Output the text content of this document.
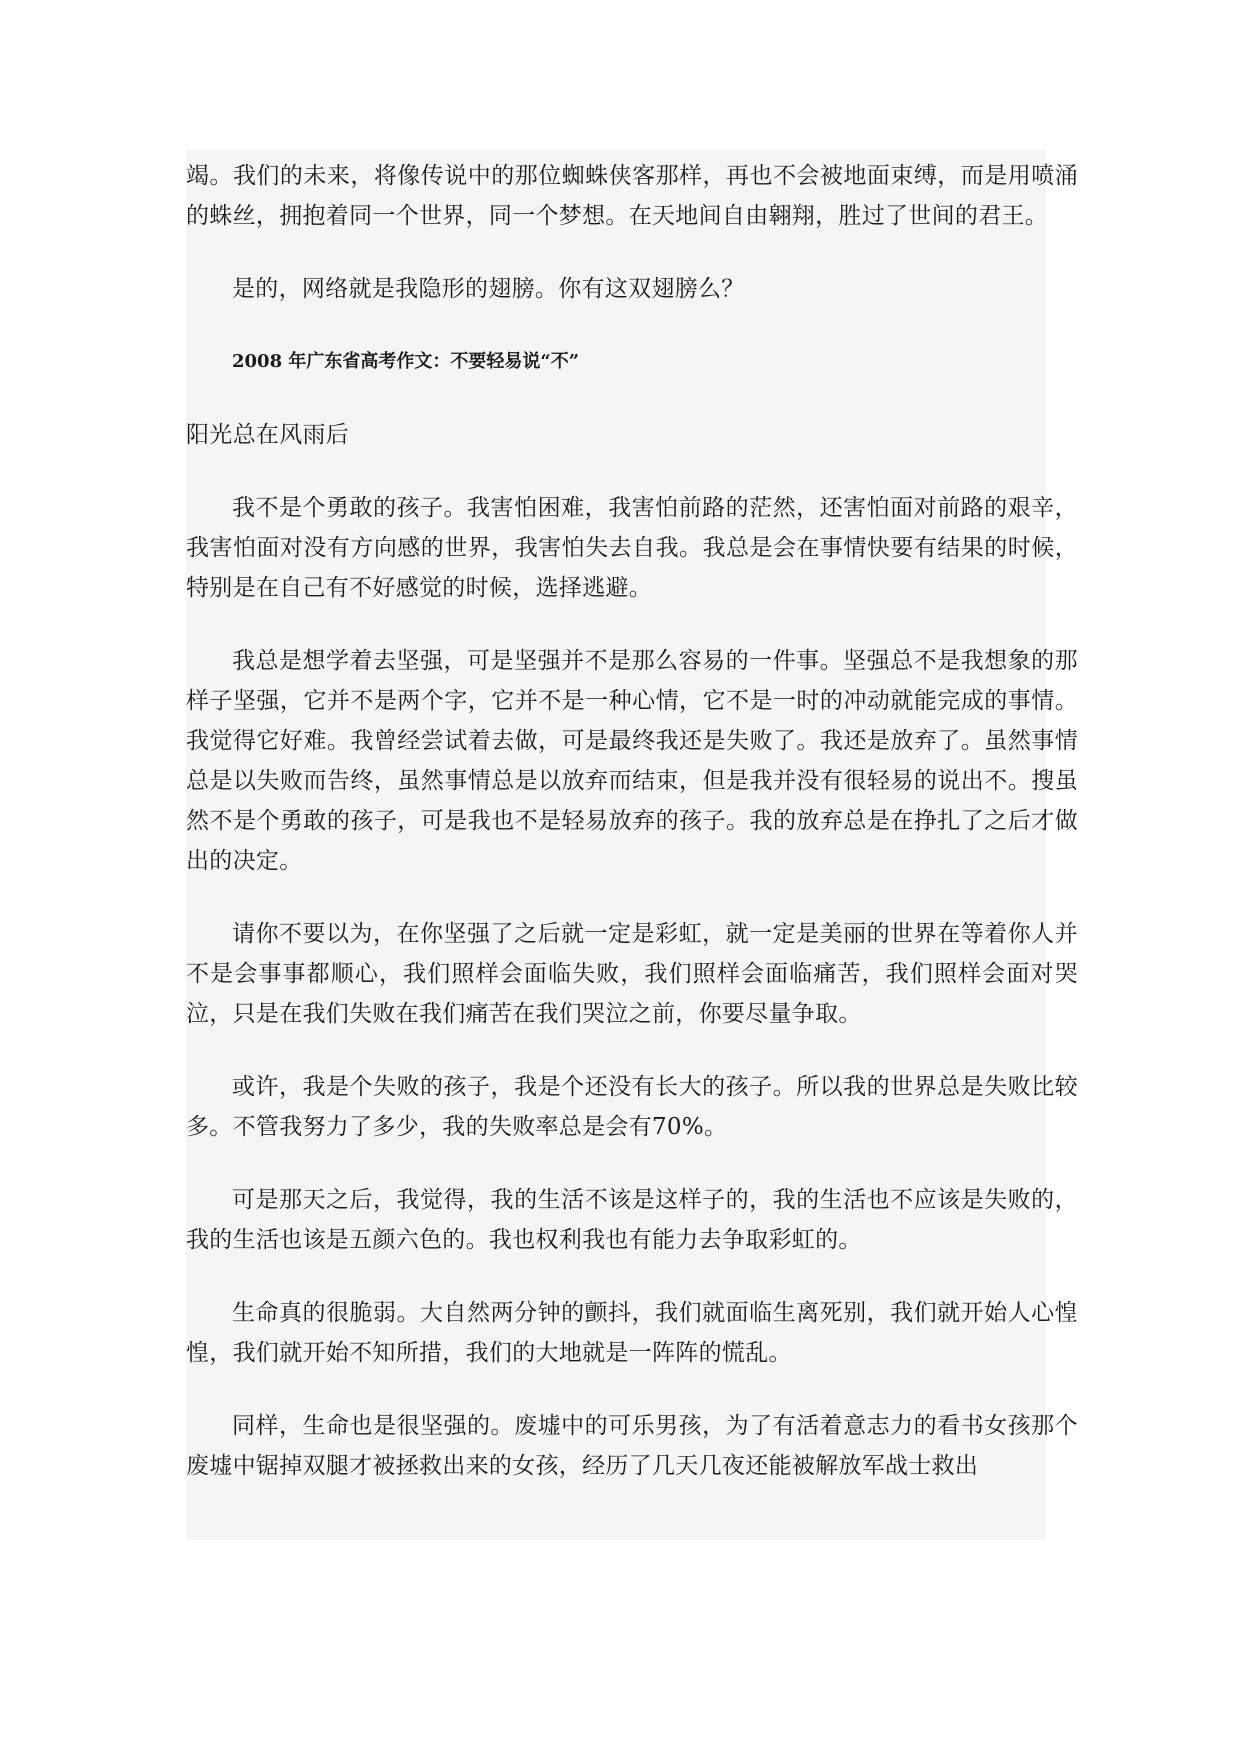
竭。我们的未来，将像传说中的那位蜘蛛侠客那样，再也不会被地面束缚，而是用喷涌的蛛丝，拥抱着同一个世界，同一个梦想。在天地间自由翱翔，胜过了世间的君王。

是的，网络就是我隐形的翅膀。你有这双翅膀么？

2008 年广东省高考作文：不要轻易说“不”

阳光总在风雨后

我不是个勇敢的孩子。我害怕困难，我害怕前路的茫然，还害怕面对前路的艰辛，我害怕面对没有方向感的世界，我害怕失去自我。我总是会在事情快要有结果的时候，特别是在自己有不好感觉的时候，选择逃避。

我总是想学着去坚强，可是坚强并不是那么容易的一件事。坚强总不是我想象的那样子坚强，它并不是两个字，它并不是一种心情，它不是一时的冲动就能完成的事情。我觉得它好难。我曾经尝试着去做，可是最终我还是失败了。我还是放弃了。虽然事情总是以失败而告终，虽然事情总是以放弃而结束，但是我并没有很轻易的说出不。搜虽然不是个勇敢的孩子，可是我也不是轻易放弃的孩子。我的放弃总是在挣扎了之后才做出的决定。

请你不要以为，在你坚强了之后就一定是彩虹，就一定是美丽的世界在等着你人并不是会事事都顺心，我们照样会面临失败，我们照样会面临痛苦，我们照样会面对哭泣，只是在我们失败在我们痛苦在我们哭泣之前，你要尽量争取。

或许，我是个失败的孩子，我是个还没有长大的孩子。所以我的世界总是失败比较多。不管我努力了多少，我的失败率总是会有70%。

可是那天之后，我觉得，我的生活不该是这样子的，我的生活也不应该是失败的，我的生活也该是五颜六色的。我也权利我也有能力去争取彩虹的。

生命真的很脆弱。大自然两分钟的颤抖，我们就面临生离死别，我们就开始人心惶惶，我们就开始不知所措，我们的大地就是一阵阵的慌乱。

同样，生命也是很坚强的。废墟中的可乐男孩，为了有活着意志力的看书女孩那个废墟中锯掉双腿才被拯救出来的女孩，经历了几天几夜还能被解放军战士救出
